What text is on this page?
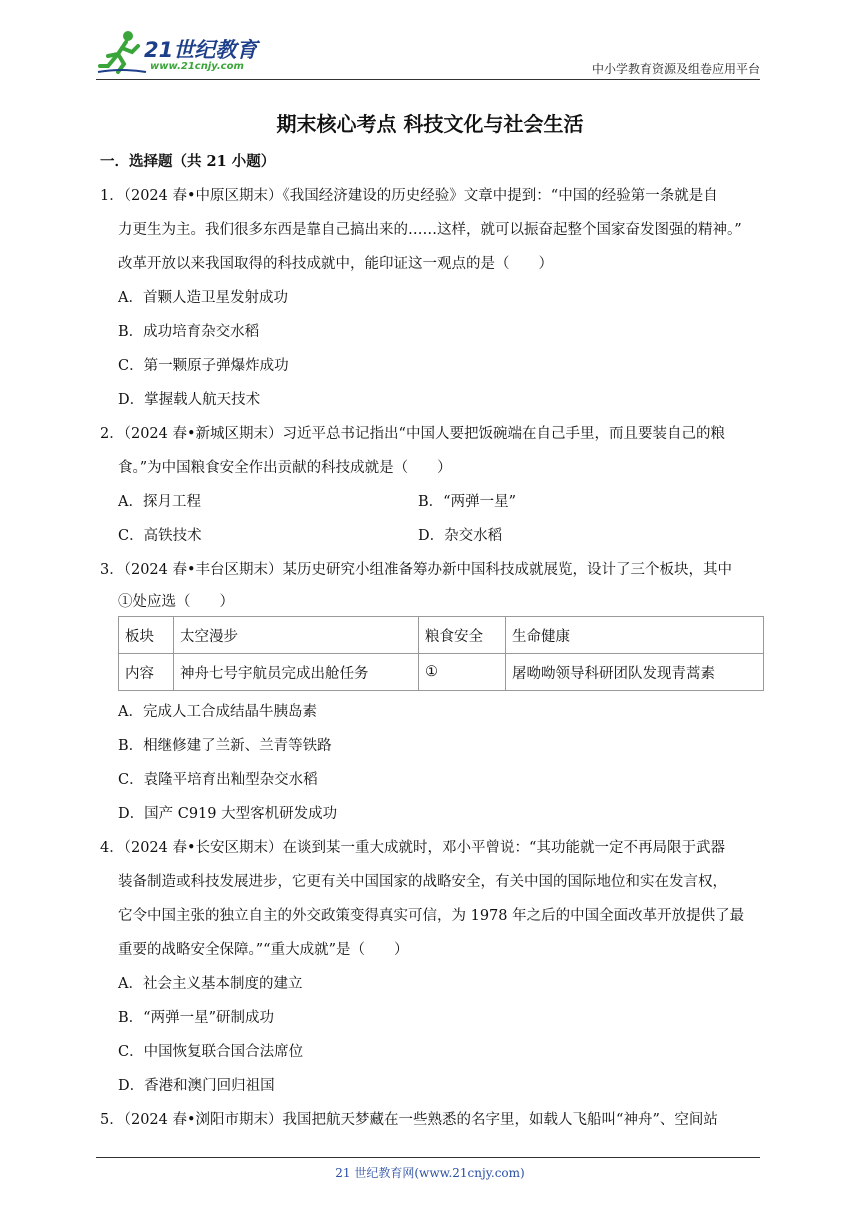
21世纪教育
www.21cnjy.com	中小学教育资源及组卷应用平台
期末核心考点 科技文化与社会生活
一．选择题（共 21 小题）
1．（2024 春•中原区期末）《我国经济建设的历史经验》文章中提到：“中国的经验第一条就是自
力更生为主。我们很多东西是靠自己搞出来的……这样，就可以振奋起整个国家奋发图强的精神。”
改革开放以来我国取得的科技成就中，能印证这一观点的是（　　）
A．首颗人造卫星发射成功
B．成功培育杂交水稻
C．第一颗原子弹爆炸成功
D．掌握载人航天技术
2．（2024 春•新城区期末）习近平总书记指出“中国人要把饭碗端在自己手里，而且要装自己的粮
食。”为中国粮食安全作出贡献的科技成就是（　　）
A．探月工程	B．“两弹一星”
C．高铁技术	D．杂交水稻
3．（2024 春•丰台区期末）某历史研究小组准备筹办新中国科技成就展览，设计了三个板块，其中
①处应选（　　）
板块	太空漫步	粮食安全	生命健康
内容	神舟七号宇航员完成出舱任务	①	屠呦呦领导科研团队发现青蒿素
A．完成人工合成结晶牛胰岛素
B．相继修建了兰新、兰青等铁路
C．袁隆平培育出籼型杂交水稻
D．国产 C919 大型客机研发成功
4．（2024 春•长安区期末）在谈到某一重大成就时，邓小平曾说：“其功能就一定不再局限于武器
装备制造或科技发展进步，它更有关中国国家的战略安全，有关中国的国际地位和实在发言权，
它令中国主张的独立自主的外交政策变得真实可信，为 1978 年之后的中国全面改革开放提供了最
重要的战略安全保障。”“重大成就”是（　　）
A．社会主义基本制度的建立
B．“两弹一星”研制成功
C．中国恢复联合国合法席位
D．香港和澳门回归祖国
5．（2024 春•浏阳市期末）我国把航天梦藏在一些熟悉的名字里，如载人飞船叫“神舟”、空间站
21 世纪教育网(www.21cnjy.com)
